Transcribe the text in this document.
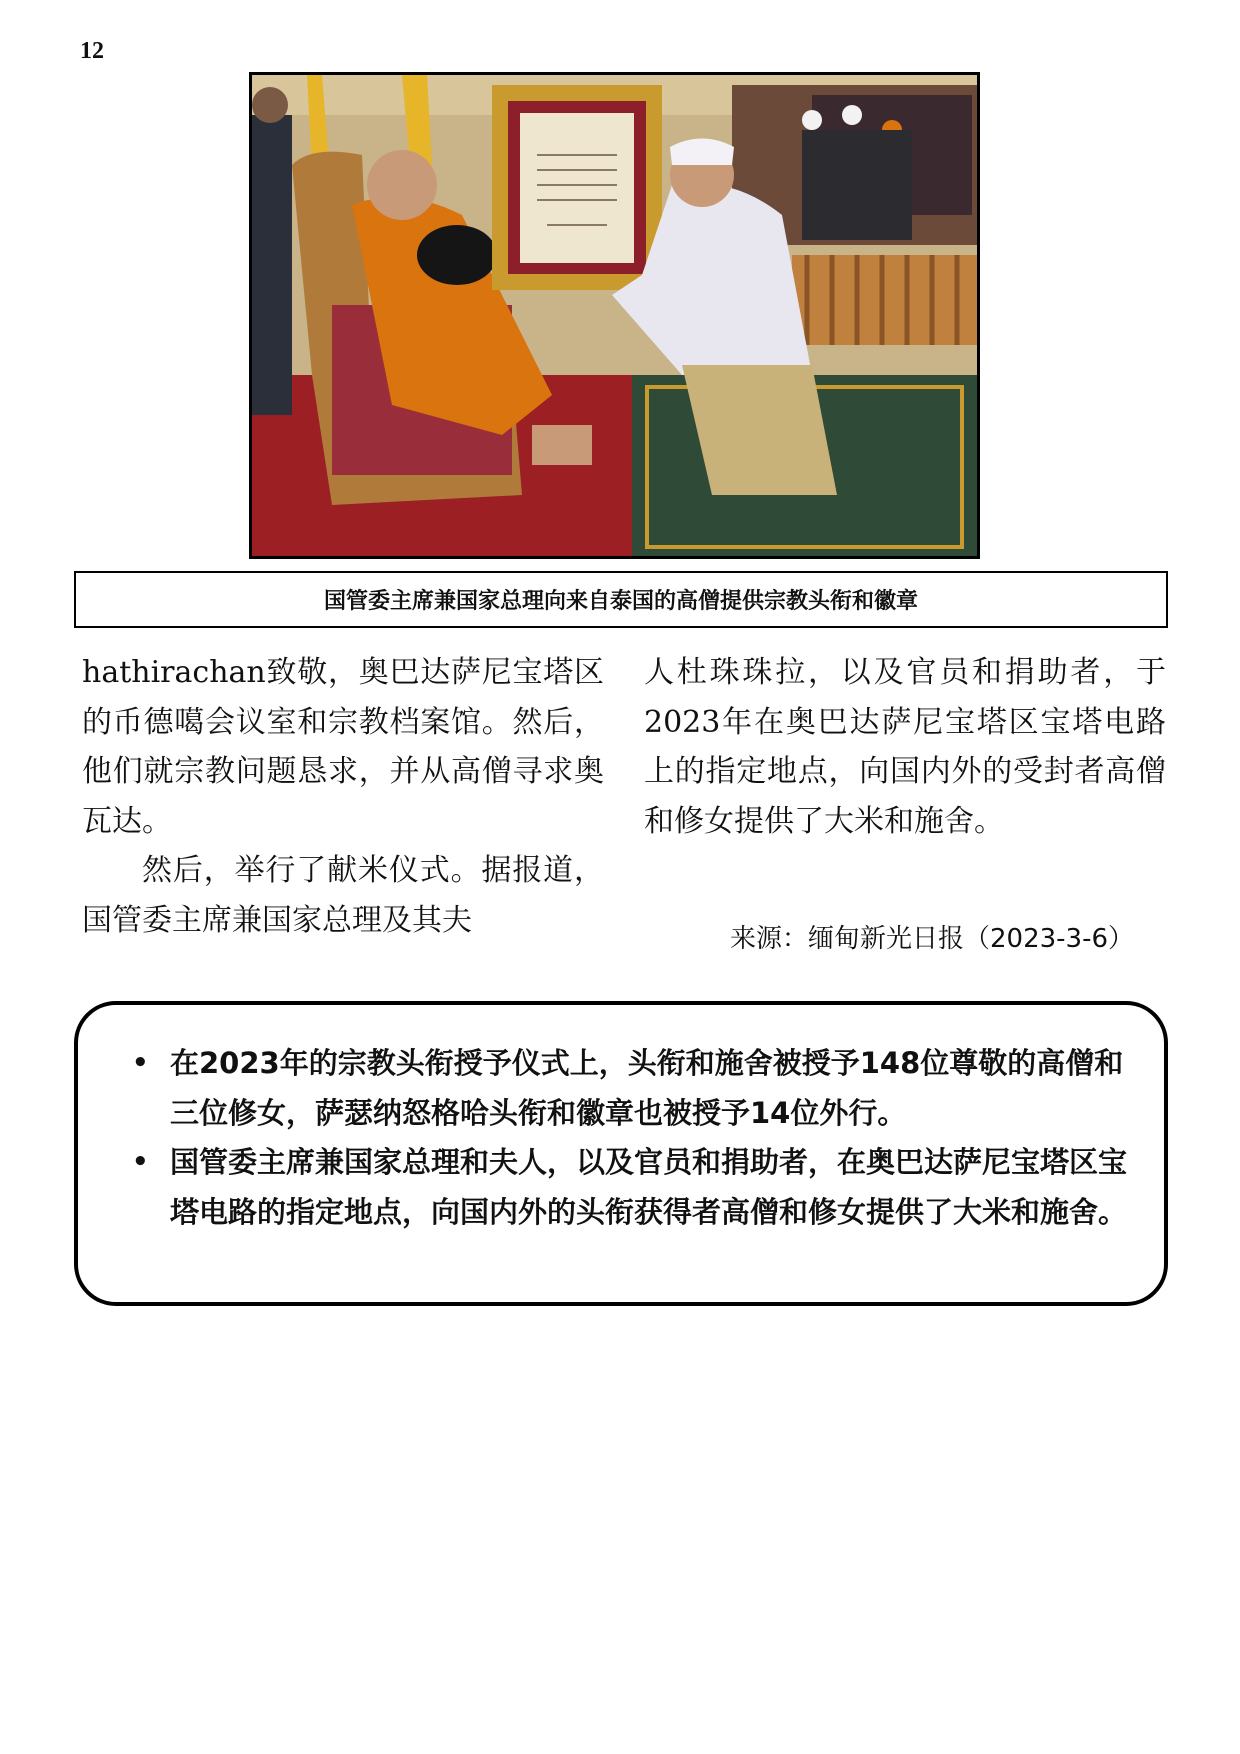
12
国管委主席兼国家总理向来自泰国的高僧提供宗教头衔和徽章

hathirachan致敬，奥巴达萨尼宝塔区的币德噶会议室和宗教档案馆。然后，他们就宗教问题恳求，并从高僧寻求奥瓦达。

然后，举行了献米仪式。据报道，国管委主席兼国家总理及其夫

人杜珠珠拉，以及官员和捐助者，于2023年在奥巴达萨尼宝塔区宝塔电路上的指定地点，向国内外的受封者高僧和修女提供了大米和施舍。

来源：缅甸新光日报（2023-3-6）
• 在2023年的宗教头衔授予仪式上，头衔和施舍被授予148位尊敬的高僧和三位修女，萨瑟纳怒格哈头衔和徽章也被授予14位外行。
• 国管委主席兼国家总理和夫人，以及官员和捐助者，在奥巴达萨尼宝塔区宝塔电路的指定地点，向国内外的头衔获得者高僧和修女提供了大米和施舍。
